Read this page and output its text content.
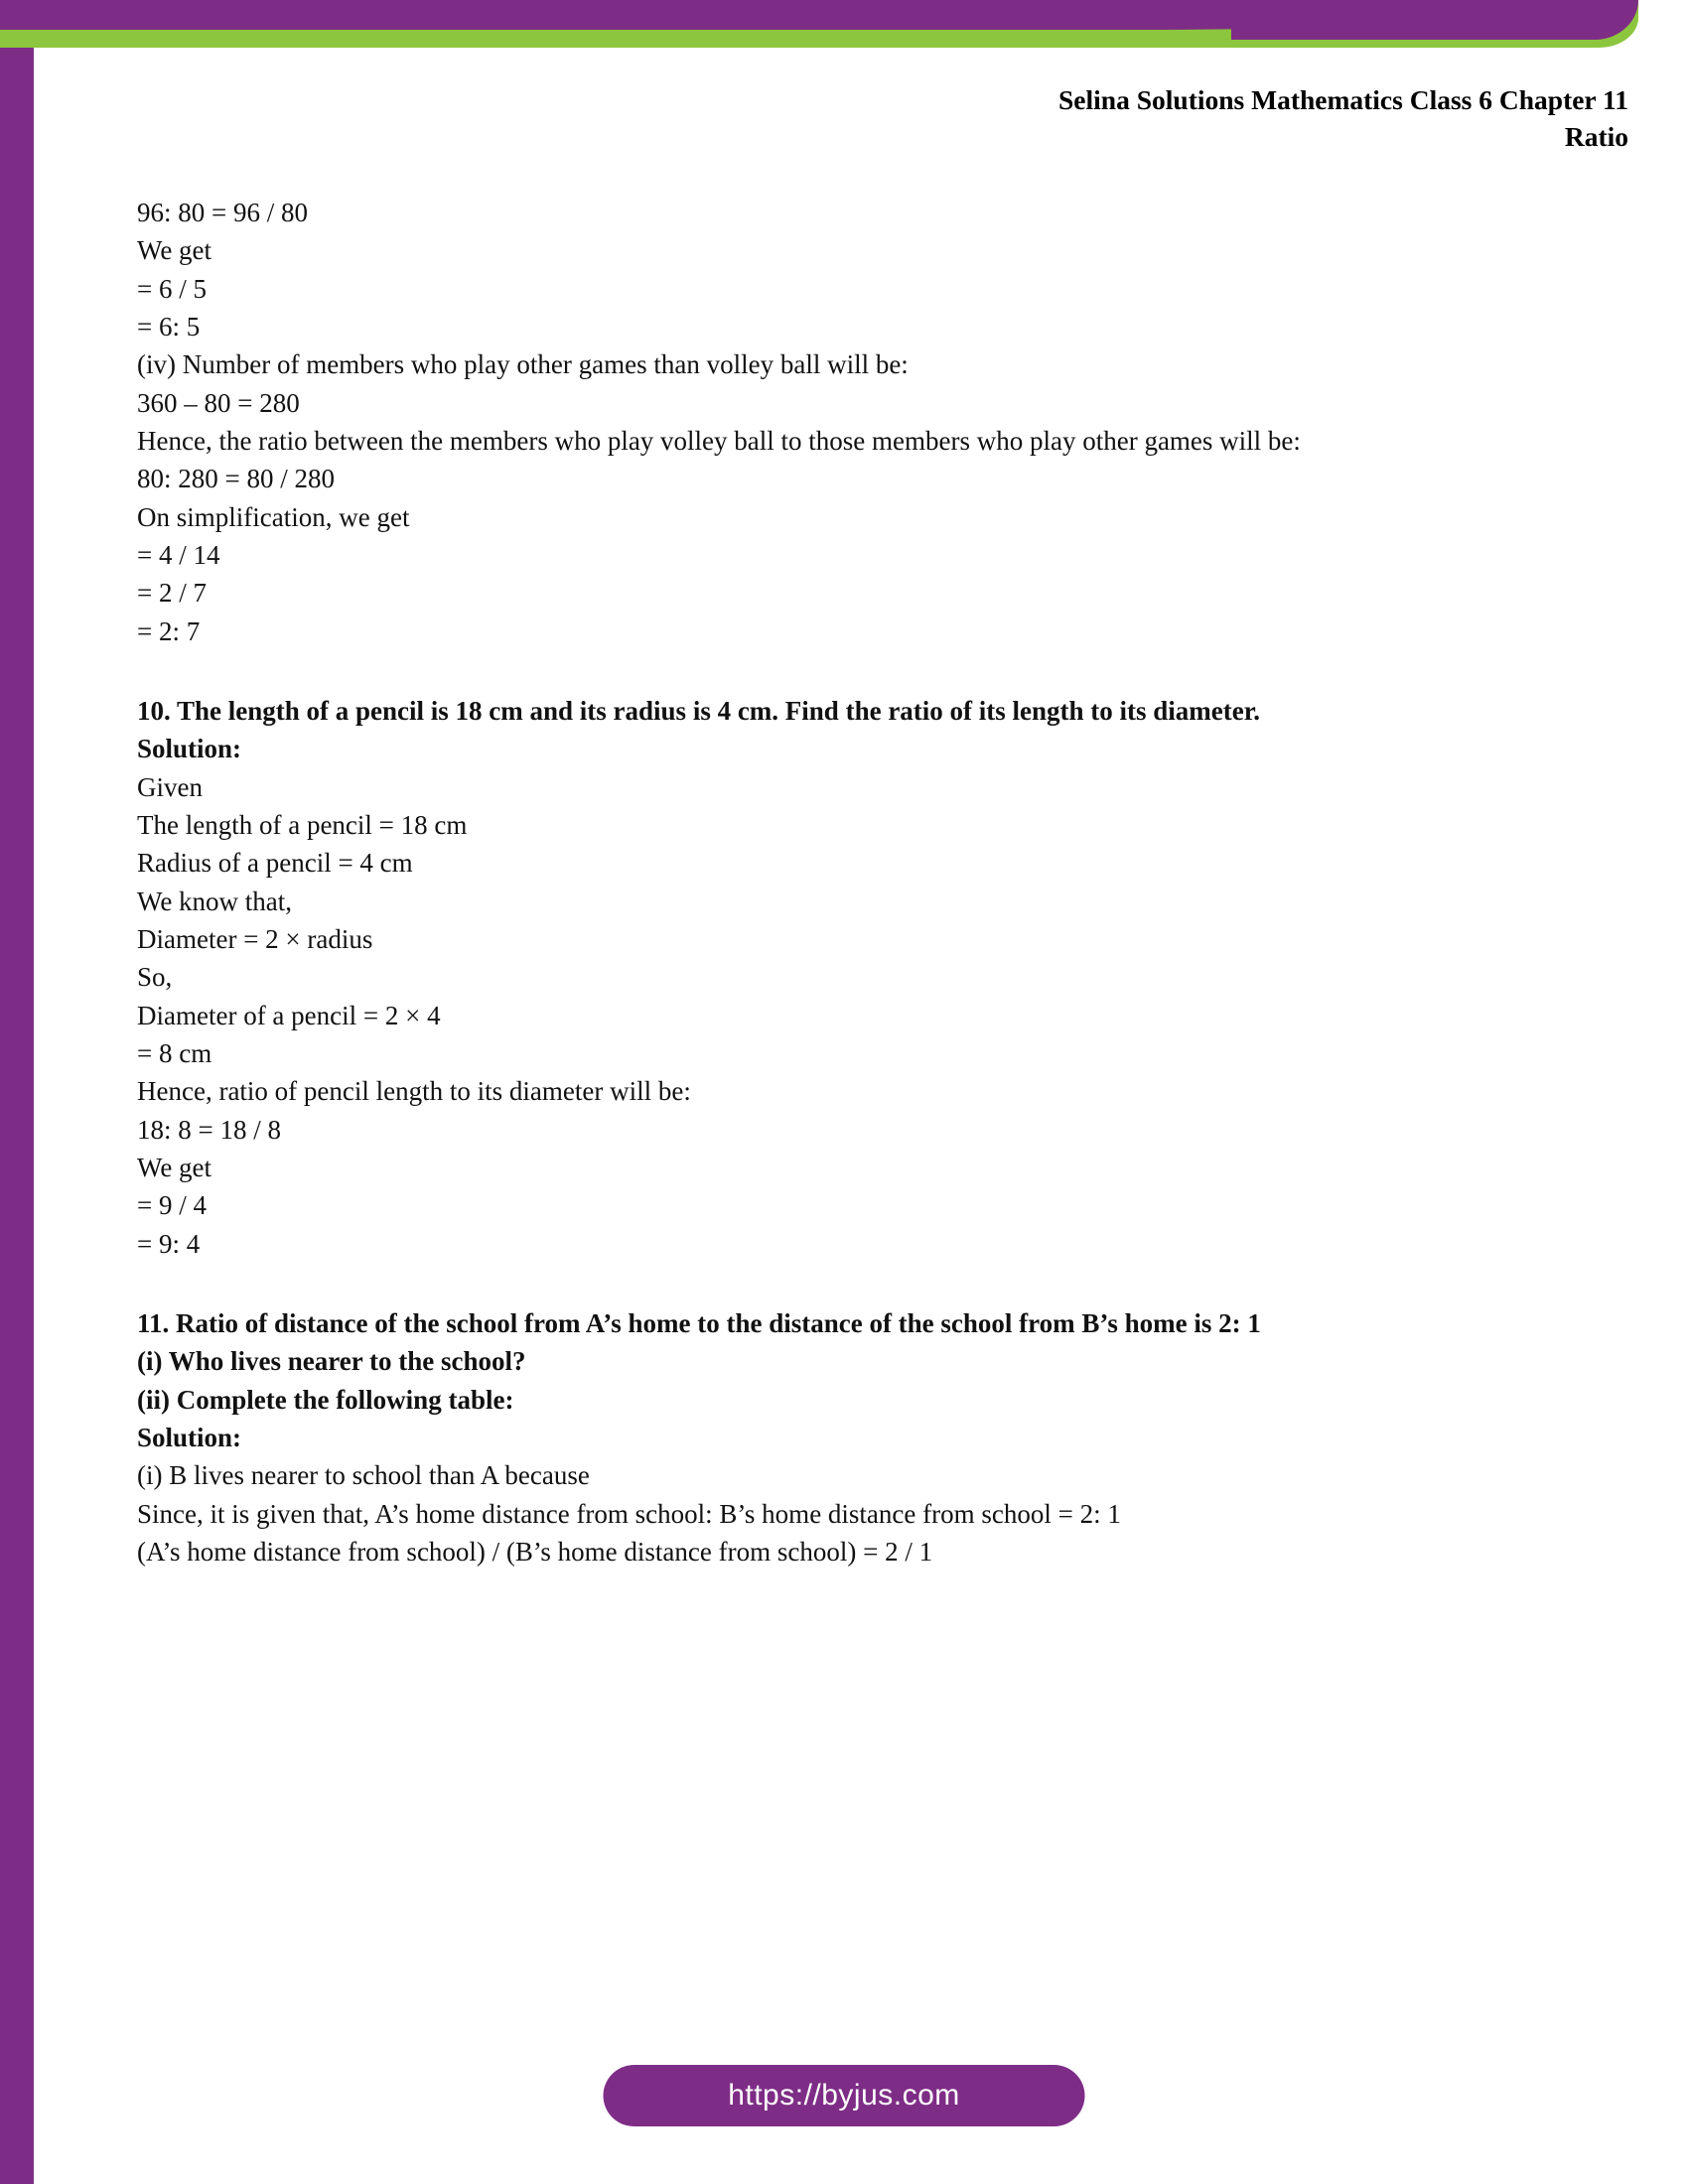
Selina Solutions Mathematics Class 6 Chapter 11
Ratio
96: 80 = 96 / 80
We get
= 6 / 5
= 6: 5
(iv) Number of members who play other games than volley ball will be:
360 – 80 = 280
Hence, the ratio between the members who play volley ball to those members who play other games will be:
80: 280 = 80 / 280
On simplification, we get
= 4 / 14
= 2 / 7
= 2: 7
10. The length of a pencil is 18 cm and its radius is 4 cm. Find the ratio of its length to its diameter.
Solution:
Given
The length of a pencil = 18 cm
Radius of a pencil = 4 cm
We know that,
Diameter = 2 × radius
So,
Diameter of a pencil = 2 × 4
= 8 cm
Hence, ratio of pencil length to its diameter will be:
18: 8 = 18 / 8
We get
= 9 / 4
= 9: 4
11. Ratio of distance of the school from A’s home to the distance of the school from B’s home is 2: 1
(i) Who lives nearer to the school?
(ii) Complete the following table:
Solution:
(i) B lives nearer to school than A because
Since, it is given that, A’s home distance from school: B’s home distance from school = 2: 1
(A’s home distance from school) / (B’s home distance from school) = 2 / 1
https://byjus.com
